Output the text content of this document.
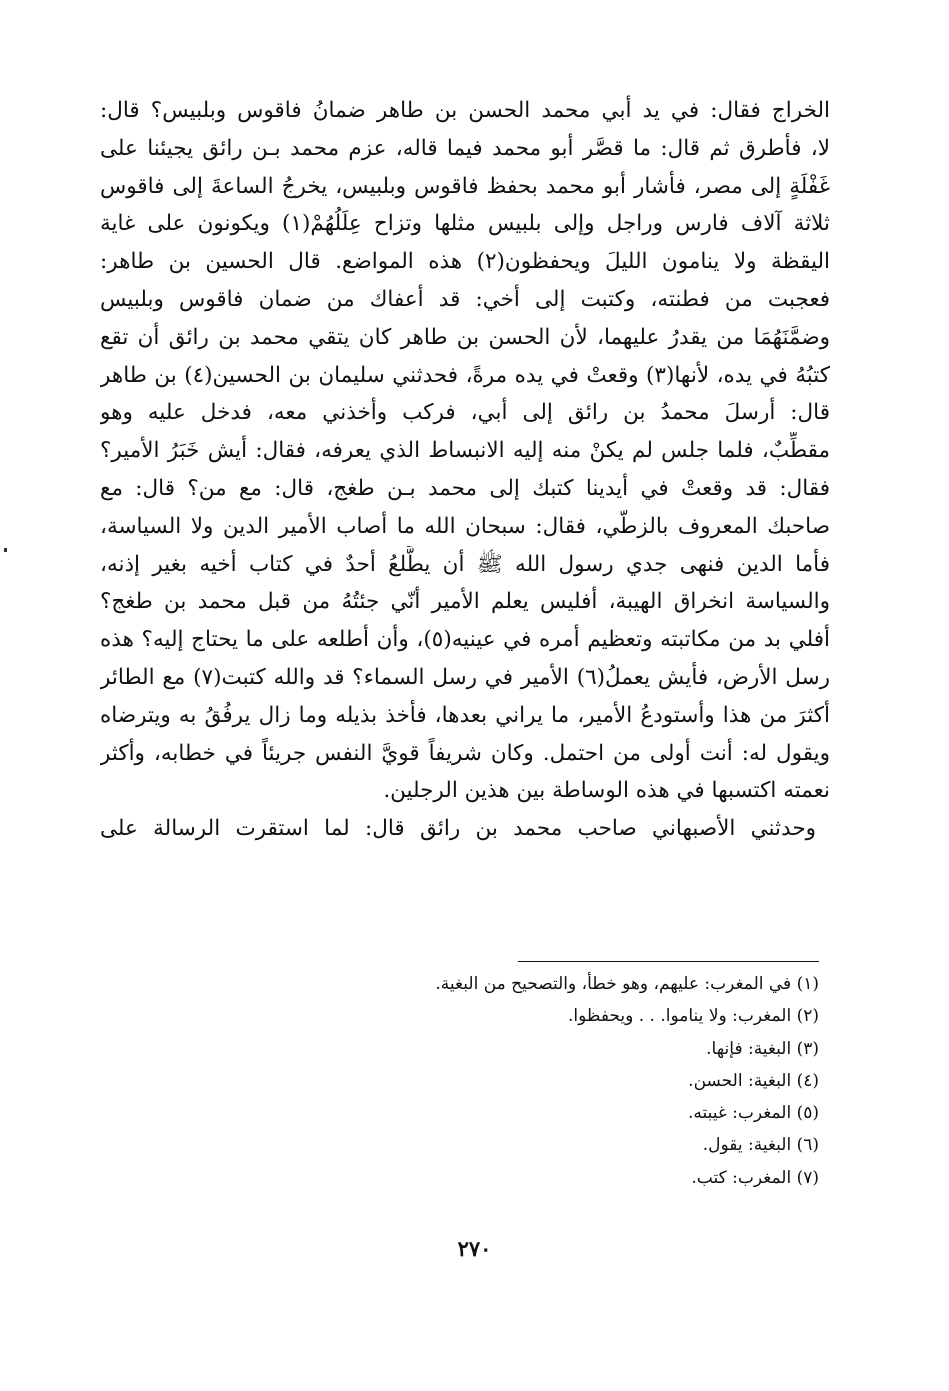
الخراج فقال: في يد أبي محمد الحسن بن طاهر ضمانُ فاقوس وبلبيس؟ قال:
لا، فأطرق ثم قال: ما قصَّر أبو محمد فيما قاله، عزم محمد بـن رائق يجيئنا على
غَفْلَةٍ إلى مصر، فأشار أبو محمد بحفظ فاقوس وبلبيس، يخرجُ الساعةَ إلى فاقوس
ثلاثة آلاف فارس وراجل وإلى بلبيس مثلها وتزاح عِلَلُهُمْ(١) ويكونون على غاية
اليقظة ولا ينامون الليلَ ويحفظون(٢) هذه المواضع. قال الحسين بن طاهر:
فعجبت من فطنته، وكتبت إلى أخي: قد أعفاك من ضمان فاقوس وبلبيس
وضمَّنَهُمَا من يقدرُ عليهما، لأن الحسن بن طاهر كان يتقي محمد بن رائق أن تقع
كتبُهُ في يده، لأنها(٣) وقعتْ في يده مرةً، فحدثني سليمان بن الحسين(٤) بن طاهر
قال: أرسلَ محمدُ بن رائق إلى أبي، فركب وأخذني معه، فدخل عليه وهو
مقطِّبٌ، فلما جلس لم يكنْ منه إليه الانبساط الذي يعرفه، فقال: أيش خَبَرُ الأمير؟
فقال: قد وقعتْ في أيدينا كتبك إلى محمد بـن طغج، قال: مع من؟ قال: مع
صاحبك المعروف بالزطّي، فقال: سبحان الله ما أصاب الأمير الدين ولا السياسة،
فأما الدين فنهى جدي رسول الله ﷺ أن يطَّلعُ أحدٌ في كتاب أخيه بغير إذنه،
والسياسة انخراق الهيبة، أفليس يعلم الأمير أنّي جئتُهُ من قبل محمد بن طغج؟
أفلي بد من مكاتبته وتعظيم أمره في عينيه(٥)، وأن أطلعه على ما يحتاج إليه؟ هذه
رسل الأرض، فأيش يعملُ(٦) الأمير في رسل السماء؟ قد والله كتبت(٧) مع الطائر
أكثرَ من هذا وأستودعُ الأمير، ما يراني بعدها، فأخذ بذيله وما زال يرفُقُ به ويترضاه
ويقول له: أنت أولى من احتمل. وكان شريفاً قويَّ النفس جريئاً في خطابه، وأكثر
نعمته اكتسبها في هذه الوساطة بين هذين الرجلين.
وحدثني الأصبهاني صاحب محمد بن رائق قال: لما استقرت الرسالة على
(١) في المغرب: عليهم، وهو خطأ، والتصحيح من البغية.
(٢) المغرب: ولا يناموا. . . ويحفظوا.
(٣) البغية: فإنها.
(٤) البغية: الحسن.
(٥) المغرب: غيبته.
(٦) البغية: يقول.
(٧) المغرب: كتب.
٢٧٠
